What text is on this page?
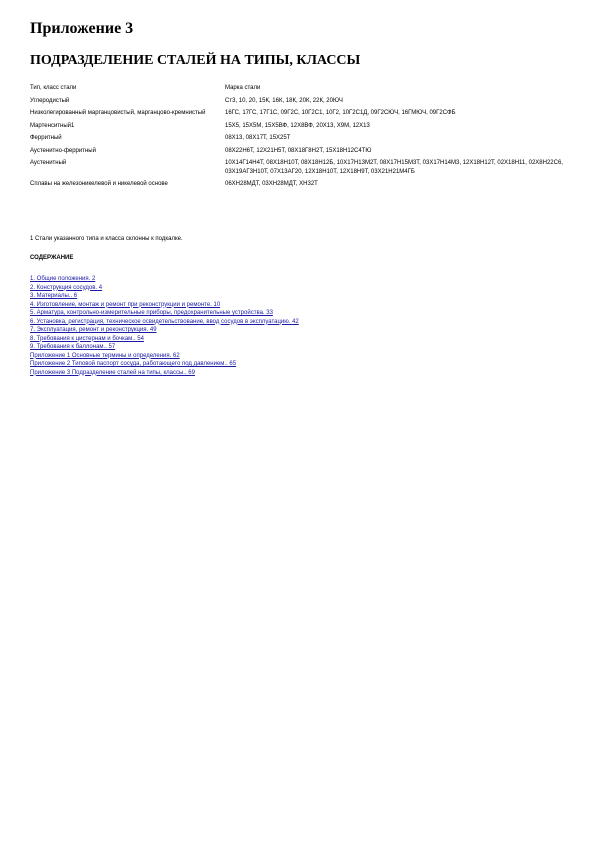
Приложение 3
ПОДРАЗДЕЛЕНИЕ СТАЛЕЙ НА ТИПЫ, КЛАССЫ
Тип, класс стали	Марка стали
Углеродистый	Ст3, 10, 20, 15К, 16К, 18К, 20К, 22К, 20ЮЧ
Низколегированный марганцовистый, марганцово-кремнистый	16ГС, 17ГС, 17Г1С, 09Г2С, 10Г2С1, 10Г2, 10Г2С1Д, 09Г2СЮЧ, 16ГМЮЧ, 09Г2СФБ
Мартенситный1	15Х5, 15Х5М, 15Х5ВФ, 12Х8ВФ, 20Х13, Х9М, 12Х13
Ферритный	08Х13, 08Х17Т, 15Х25Т
Аустенитно-ферритный	08Х22Н6Т, 12Х21Н5Т, 08Х18Г8Н2Т, 15Х18Н12С4ТЮ
Аустенитный	10Х14Г14Н4Т, 08Х18Н10Т, 08Х18Н12Б, 10Х17Н13М2Т, 08Х17Н15М3Т, 03Х17Н14М3, 12Х18Н12Т, 02Х18Н11, 02Х8Н22С6, 03Х19АГ3Н10Т, 07Х13АГ20, 12Х18Н10Т, 12Х18Н9Т, 03Х21Н21М4ГБ
Сплавы на железоникелевой и никелевой основе	06ХН28МДТ, 03ХН28МДТ, ХН32Т
1 Стали указанного типа и класса склонны к подкалке.
СОДЕРЖАНИЕ
1. Общие положения. 2
2. Конструкция сосудов. 4
3. Материалы.. 6
4. Изготовление, монтаж и ремонт при реконструкции и ремонте. 10
5. Арматура, контрольно-измерительные приборы, предохранительные устройства. 33
6. Установка, регистрация, техническое освидетельствование, ввод сосудов в эксплуатацию. 42
7. Эксплуатация, ремонт и реконструкция. 49
8. Требования к цистернам и бочкам.. 54
9. Требования к баллонам.. 57
Приложение 1 Основные термины и определения. 62
Приложение 2 Типовой паспорт сосуда, работающего под давлением.. 65
Приложение 3 Подразделение сталей на типы, классы.. 69
